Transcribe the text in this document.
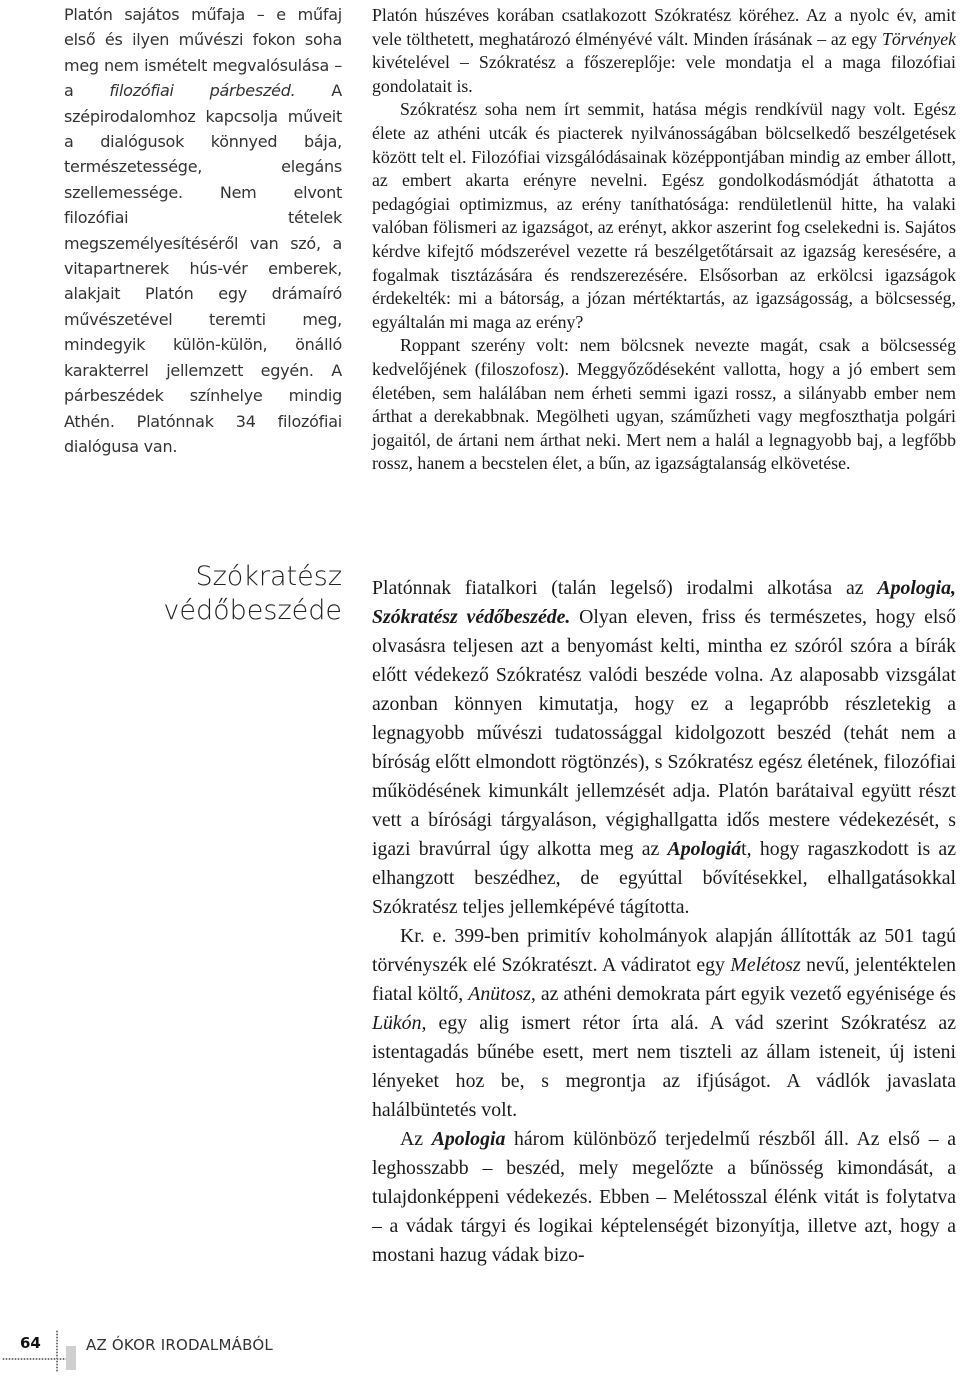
Platón sajátos műfaja – e műfaj első és ilyen művészi fokon soha meg nem ismételt megvalósulása – a filozófiai párbeszéd. A szépirodalomhoz kapcsolja műveit a dialógusok könnyed bája, természetessége, elegáns szellemessége. Nem elvont filozófiai tételek megszemélyesítéséről van szó, a vitapartnerek hús-vér emberek, alakjait Platón egy drámaíró művészetével teremti meg, mindegyik külön-külön, önálló karakterrel jellemzett egyén. A párbeszédek színhelye mindig Athén. Platónnak 34 filozófiai dialógusa van.

Platón húszéves korában csatlakozott Szókratész köréhez. Az a nyolc év, amit vele tölthetett, meghatározó élményévé vált. Minden írásának – az egy Törvények kivételével – Szókratész a főszereplője: vele mondatja el a maga filozófiai gondolatait is.

Szókratész soha nem írt semmit, hatása mégis rendkívül nagy volt. Egész élete az athéni utcák és piacterek nyilvánosságában bölcselkedő beszélgetések között telt el. Filozófiai vizsgálódásainak középpontjában mindig az ember állott, az embert akarta erényre nevelni. Egész gondolkodásmódját áthatotta a pedagógiai optimizmus, az erény taníthatósága: rendületlenül hitte, ha valaki valóban fölismeri az igazságot, az erényt, akkor aszerint fog cselekedni is. Sajátos kérdve kifejtő módszerével vezette rá beszélgetőtársait az igazság keresésére, a fogalmak tisztázására és rendszerezésére. Elsősorban az erkölcsi igazságok érdekelték: mi a bátorság, a józan mértéktartás, az igazságosság, a bölcsesség, egyáltalán mi maga az erény?

Roppant szerény volt: nem bölcsnek nevezte magát, csak a bölcsesség kedvelőjének (filoszofosz). Meggyőződéseként vallotta, hogy a jó embert sem életében, sem halálában nem érheti semmi igazi rossz, a silányabb ember nem árthat a derekabbnak. Megölheti ugyan, száműzheti vagy megfoszthatja polgári jogaitól, de ártani nem árthat neki. Mert nem a halál a legnagyobb baj, a legfőbb rossz, hanem a becstelen élet, a bűn, az igazságtalanság elkövetése.

Szókratész
védőbeszéde

Platónnak fiatalkori (talán legelső) irodalmi alkotása az Apologia, Szókratész védőbeszéde. Olyan eleven, friss és természetes, hogy első olvasásra teljesen azt a benyomást kelti, mintha ez szóról szóra a bírák előtt védekező Szókratész valódi beszéde volna. Az alaposabb vizsgálat azonban könnyen kimutatja, hogy ez a legapróbb részletekig a legnagyobb művészi tudatossággal kidolgozott beszéd (tehát nem a bíróság előtt elmondott rögtönzés), s Szókratész egész életének, filozófiai működésének kimunkált jellemzését adja. Platón barátaival együtt részt vett a bírósági tárgyaláson, végighallgatta idős mestere védekezését, s igazi bravúrral úgy alkotta meg az Apologiát, hogy ragaszkodott is az elhangzott beszédhez, de egyúttal bővítésekkel, elhallgatásokkal Szókratész teljes jellemképévé tágította.

Kr. e. 399-ben primitív koholmányok alapján állították az 501 tagú törvényszék elé Szókratészt. A vádiratot egy Melétosz nevű, jelentéktelen fiatal költő, Anütosz, az athéni demokrata párt egyik vezető egyénisége és Lükón, egy alig ismert rétor írta alá. A vád szerint Szókratész az istentagadás bűnébe esett, mert nem tiszteli az állam isteneit, új isteni lényeket hoz be, s megrontja az ifjúságot. A vádlók javaslata halálbüntetés volt.

Az Apologia három különböző terjedelmű részből áll. Az első – a leghosszabb – beszéd, mely megelőzte a bűnösség kimondását, a tulajdonképpeni védekezés. Ebben – Melétosszal élénk vitát is folytatva – a vádak tárgyi és logikai képtelenségét bizonyítja, illetve azt, hogy a mostani hazug vádak bizo-

64	AZ ÓKOR IRODALMÁBÓL
